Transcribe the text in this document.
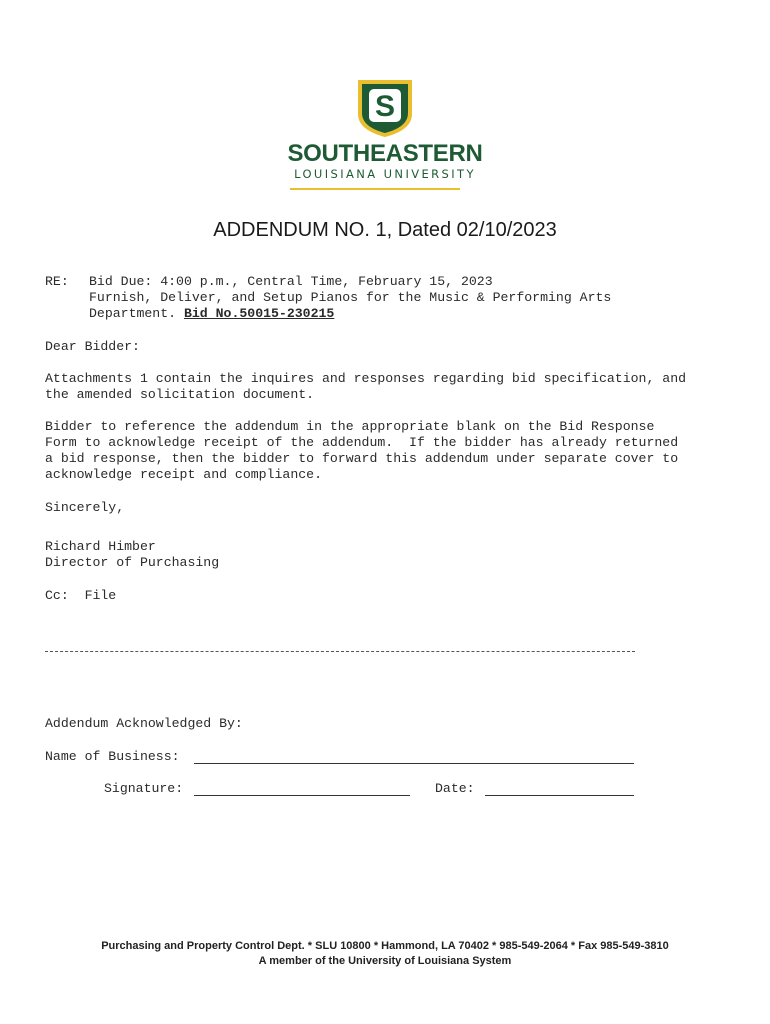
S
SOUTHEASTERN
LOUISIANA UNIVERSITY
ADDENDUM NO. 1, Dated 02/10/2023
RE: Bid Due: 4:00 p.m., Central Time, February 15, 2023
Furnish, Deliver, and Setup Pianos for the Music & Performing Arts
Department. Bid No.50015-230215
Dear Bidder:
Attachments 1 contain the inquires and responses regarding bid specification, and
the amended solicitation document.
Bidder to reference the addendum in the appropriate blank on the Bid Response
Form to acknowledge receipt of the addendum.  If the bidder has already returned
a bid response, then the bidder to forward this addendum under separate cover to
acknowledge receipt and compliance.
Sincerely,
Richard Himber
Director of Purchasing
Cc:  File
Addendum Acknowledged By:
Name of Business:
Signature:	Date:
Purchasing and Property Control Dept. * SLU 10800 * Hammond, LA 70402 * 985-549-2064 * Fax 985-549-3810
A member of the University of Louisiana System
